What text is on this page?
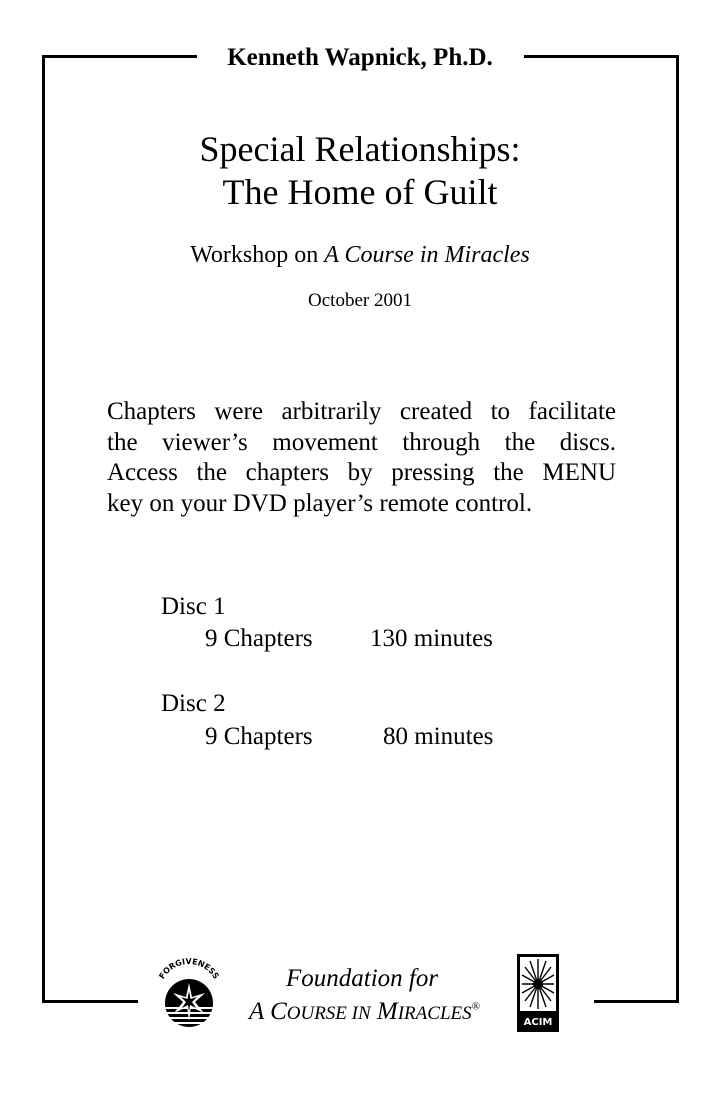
Kenneth Wapnick, Ph.D.
Special Relationships:
The Home of Guilt
Workshop on A Course in Miracles
October 2001
Chapters were arbitrarily created to facilitate
the viewer’s movement through the discs.
Access the chapters by pressing the MENU
key on your DVD player’s remote control.
Disc 1
9 Chapters 130 minutes
Disc 2
9 Chapters	80 minutes
FORGIVENESS	Foundation for
A COURSE IN MIRACLES®
ACIM
